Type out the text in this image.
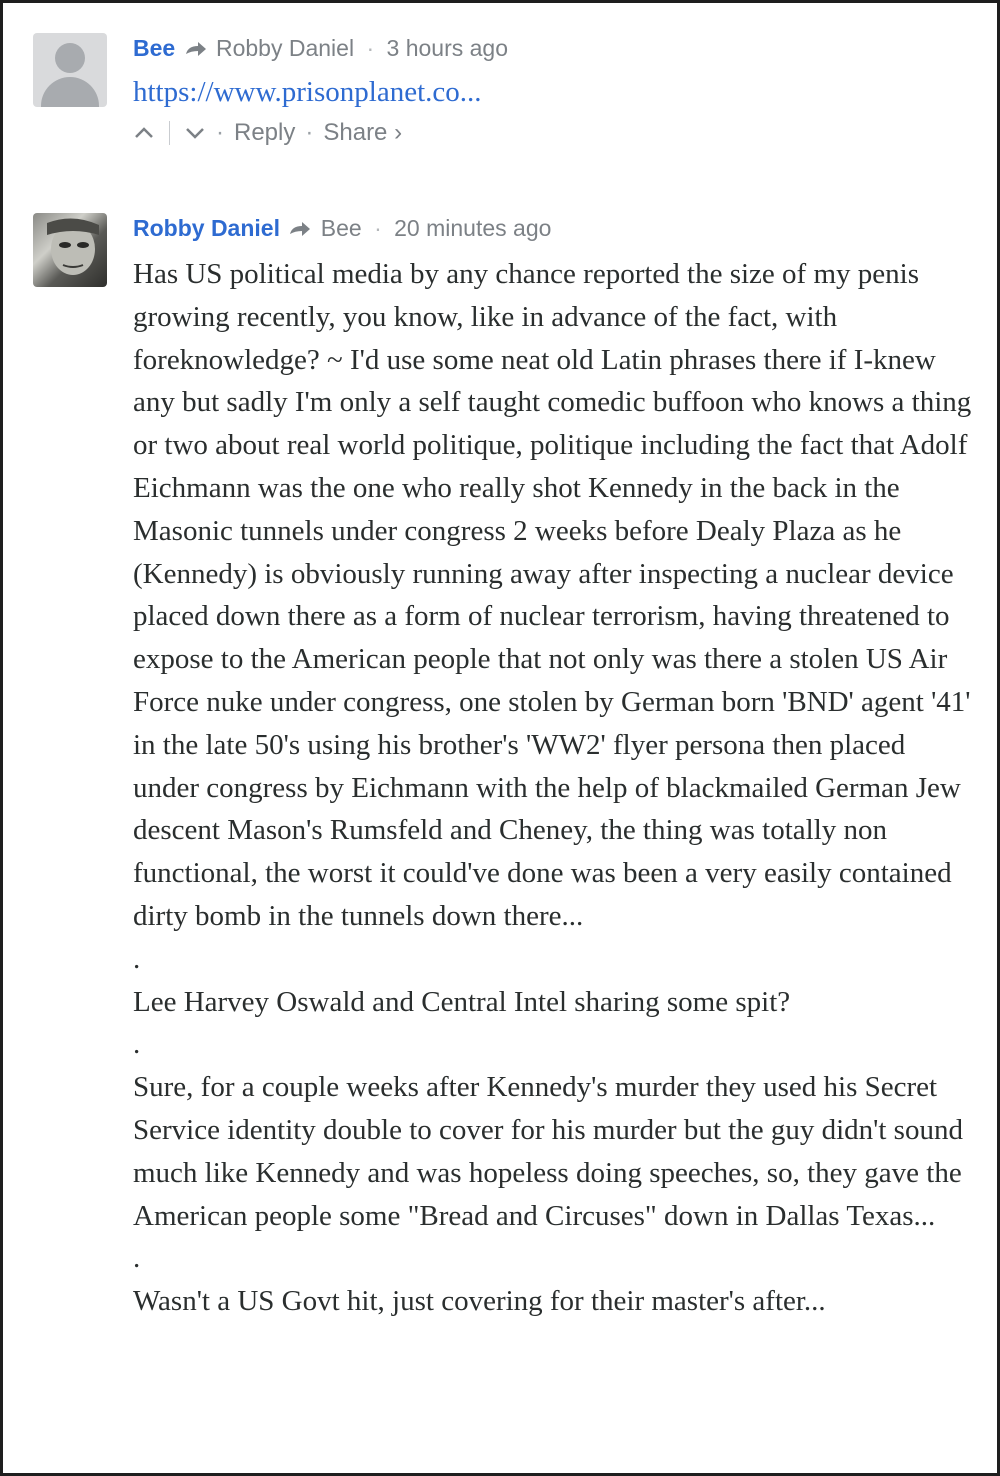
Bee Robby Daniel · 3 hours ago
https://www.prisonplanet.co...
· Reply · Share ›
Robby Daniel Bee · 20 minutes ago

Has US political media by any chance reported the size of my penis growing recently, you know, like in advance of the fact, with foreknowledge? ~ I'd use some neat old Latin phrases there if I-knew any but sadly I'm only a self taught comedic buffoon who knows a thing or two about real world politique, politique including the fact that Adolf Eichmann was the one who really shot Kennedy in the back in the Masonic tunnels under congress 2 weeks before Dealy Plaza as he (Kennedy) is obviously running away after inspecting a nuclear device placed down there as a form of nuclear terrorism, having threatened to expose to the American people that not only was there a stolen US Air Force nuke under congress, one stolen by German born 'BND' agent '41' in the late 50's using his brother's 'WW2' flyer persona then placed under congress by Eichmann with the help of blackmailed German Jew descent Mason's Rumsfeld and Cheney, the thing was totally non functional, the worst it could've done was been a very easily contained dirty bomb in the tunnels down there...

.

Lee Harvey Oswald and Central Intel sharing some spit?

.

Sure, for a couple weeks after Kennedy's murder they used his Secret Service identity double to cover for his murder but the guy didn't sound much like Kennedy and was hopeless doing speeches, so, they gave the American people some "Bread and Circuses" down in Dallas Texas...

.

Wasn't a US Govt hit, just covering for their master's after...
